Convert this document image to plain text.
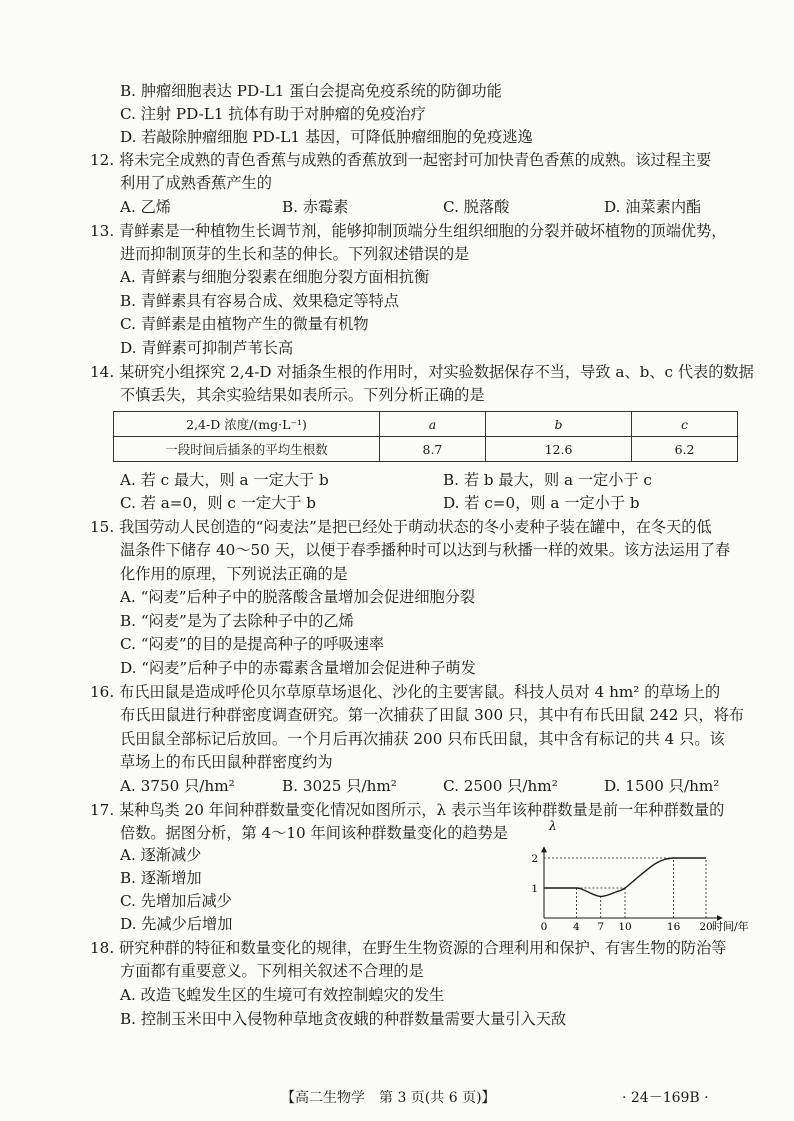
B. 肿瘤细胞表达 PD-L1 蛋白会提高免疫系统的防御功能
C. 注射 PD-L1 抗体有助于对肿瘤的免疫治疗
D. 若敲除肿瘤细胞 PD-L1 基因，可降低肿瘤细胞的免疫逃逸
12. 将未完全成熟的青色香蕉与成熟的香蕉放到一起密封可加快青色香蕉的成熟。该过程主要
利用了成熟香蕉产生的
A. 乙烯	B. 赤霉素	C. 脱落酸	D. 油菜素内酯
13. 青鲜素是一种植物生长调节剂，能够抑制顶端分生组织细胞的分裂并破坏植物的顶端优势，
进而抑制顶芽的生长和茎的伸长。下列叙述错误的是
A. 青鲜素与细胞分裂素在细胞分裂方面相抗衡
B. 青鲜素具有容易合成、效果稳定等特点
C. 青鲜素是由植物产生的微量有机物
D. 青鲜素可抑制芦苇长高
14. 某研究小组探究 2,4-D 对插条生根的作用时，对实验数据保存不当，导致 a、b、c 代表的数据
不慎丢失，其余实验结果如表所示。下列分析正确的是
2,4-D 浓度/(mg·L⁻¹)	a	b	c
一段时间后插条的平均生根数	8.7	12.6	6.2
A. 若 c 最大，则 a 一定大于 b	B. 若 b 最大，则 a 一定小于 c
C. 若 a=0，则 c 一定大于 b	D. 若 c=0，则 a 一定小于 b
15. 我国劳动人民创造的“闷麦法”是把已经处于萌动状态的冬小麦种子装在罐中，在冬天的低
温条件下储存 40～50 天，以便于春季播种时可以达到与秋播一样的效果。该方法运用了春
化作用的原理，下列说法正确的是
A. “闷麦”后种子中的脱落酸含量增加会促进细胞分裂
B. “闷麦”是为了去除种子中的乙烯
C. “闷麦”的目的是提高种子的呼吸速率
D. “闷麦”后种子中的赤霉素含量增加会促进种子萌发
16. 布氏田鼠是造成呼伦贝尔草原草场退化、沙化的主要害鼠。科技人员对 4 hm² 的草场上的
布氏田鼠进行种群密度调查研究。第一次捕获了田鼠 300 只，其中有布氏田鼠 242 只，将布
氏田鼠全部标记后放回。一个月后再次捕获 200 只布氏田鼠，其中含有标记的共 4 只。该
草场上的布氏田鼠种群密度约为
A. 3750 只/hm²	B. 3025 只/hm²	C. 2500 只/hm²	D. 1500 只/hm²
17. 某种鸟类 20 年间种群数量变化情况如图所示，λ 表示当年该种群数量是前一年种群数量的
倍数。据图分析，第 4～10 年间该种群数量变化的趋势是
A. 逐渐减少
B. 逐渐增加
C. 先增加后减少
D. 先减少后增加	0 4 7 10	16 20
1
2
λ
时间/年
18. 研究种群的特征和数量变化的规律，在野生生物资源的合理利用和保护、有害生物的防治等
方面都有重要意义。下列相关叙述不合理的是
A. 改造飞蝗发生区的生境可有效控制蝗灾的发生
B. 控制玉米田中入侵物种草地贪夜蛾的种群数量需要大量引入天敌
【高二生物学　第 3 页(共 6 页)】	· 24－169B ·
